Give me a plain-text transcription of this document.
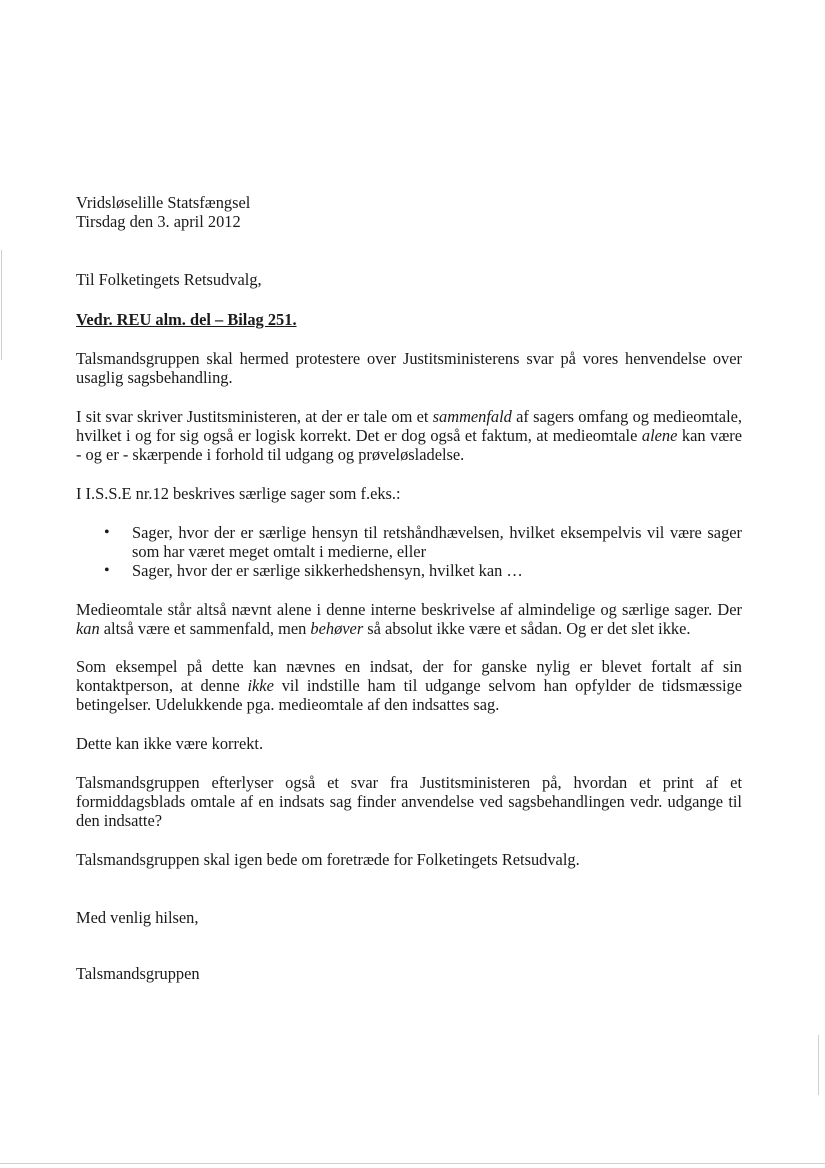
Vridsløselille Statsfængsel
Tirsdag den 3. april 2012

Til Folketingets Retsudvalg,

Vedr. REU alm. del – Bilag 251.

Talsmandsgruppen skal hermed protestere over Justitsministerens svar på vores henvendelse over usaglig sagsbehandling.

I sit svar skriver Justitsministeren, at der er tale om et sammenfald af sagers omfang og medieomtale, hvilket i og for sig også er logisk korrekt. Det er dog også et faktum, at medieomtale alene kan være - og er - skærpende i forhold til udgang og prøveløsladelse.

I I.S.S.E nr.12 beskrives særlige sager som f.eks.:

• Sager, hvor der er særlige hensyn til retshåndhævelsen, hvilket eksempelvis vil være sager som har været meget omtalt i medierne, eller
• Sager, hvor der er særlige sikkerhedshensyn, hvilket kan …

Medieomtale står altså nævnt alene i denne interne beskrivelse af almindelige og særlige sager. Der kan altså være et sammenfald, men behøver så absolut ikke være et sådan. Og er det slet ikke.

Som eksempel på dette kan nævnes en indsat, der for ganske nylig er blevet fortalt af sin kontaktperson, at denne ikke vil indstille ham til udgange selvom han opfylder de tidsmæssige betingelser. Udelukkende pga. medieomtale af den indsattes sag.

Dette kan ikke være korrekt.

Talsmandsgruppen efterlyser også et svar fra Justitsministeren på, hvordan et print af et formiddagsblads omtale af en indsats sag finder anvendelse ved sagsbehandlingen vedr. udgange til den indsatte?

Talsmandsgruppen skal igen bede om foretræde for Folketingets Retsudvalg.

Med venlig hilsen,

Talsmandsgruppen
